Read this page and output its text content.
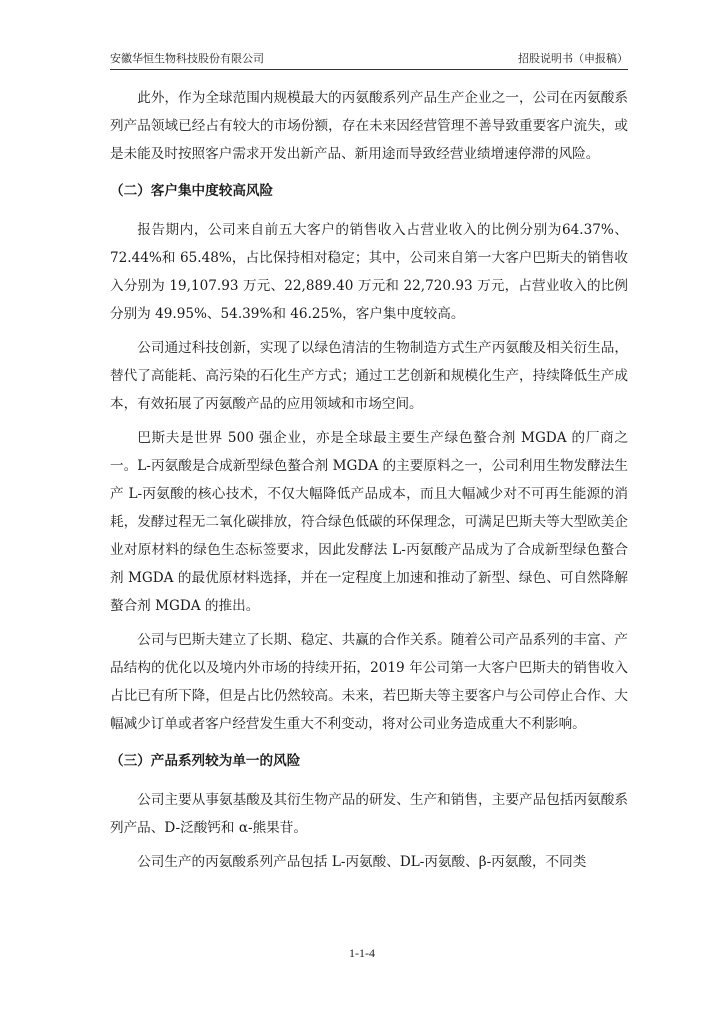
安徽华恒生物科技股份有限公司	招股说明书（申报稿）

此外，作为全球范围内规模最大的丙氨酸系列产品生产企业之一，公司在丙氨酸系列产品领域已经占有较大的市场份额，存在未来因经营管理不善导致重要客户流失，或是未能及时按照客户需求开发出新产品、新用途而导致经营业绩增速停滞的风险。

（二）客户集中度较高风险

报告期内，公司来自前五大客户的销售收入占营业收入的比例分别为64.37%、72.44%和 65.48%，占比保持相对稳定；其中，公司来自第一大客户巴斯夫的销售收入分别为 19,107.93 万元、22,889.40 万元和 22,720.93 万元，占营业收入的比例分别为 49.95%、54.39%和 46.25%，客户集中度较高。

公司通过科技创新，实现了以绿色清洁的生物制造方式生产丙氨酸及相关衍生品，替代了高能耗、高污染的石化生产方式；通过工艺创新和规模化生产，持续降低生产成本，有效拓展了丙氨酸产品的应用领域和市场空间。

巴斯夫是世界 500 强企业，亦是全球最主要生产绿色螯合剂 MGDA 的厂商之一。L-丙氨酸是合成新型绿色螯合剂 MGDA 的主要原料之一，公司利用生物发酵法生产 L-丙氨酸的核心技术，不仅大幅降低产品成本，而且大幅减少对不可再生能源的消耗，发酵过程无二氧化碳排放，符合绿色低碳的环保理念，可满足巴斯夫等大型欧美企业对原材料的绿色生态标签要求，因此发酵法 L-丙氨酸产品成为了合成新型绿色螯合剂 MGDA 的最优原材料选择，并在一定程度上加速和推动了新型、绿色、可自然降解螯合剂 MGDA 的推出。

公司与巴斯夫建立了长期、稳定、共赢的合作关系。随着公司产品系列的丰富、产品结构的优化以及境内外市场的持续开拓，2019 年公司第一大客户巴斯夫的销售收入占比已有所下降，但是占比仍然较高。未来，若巴斯夫等主要客户与公司停止合作、大幅减少订单或者客户经营发生重大不利变动，将对公司业务造成重大不利影响。

（三）产品系列较为单一的风险

公司主要从事氨基酸及其衍生物产品的研发、生产和销售，主要产品包括丙氨酸系列产品、D-泛酸钙和 α-熊果苷。

公司生产的丙氨酸系列产品包括 L-丙氨酸、DL-丙氨酸、β-丙氨酸，不同类

1-1-4
